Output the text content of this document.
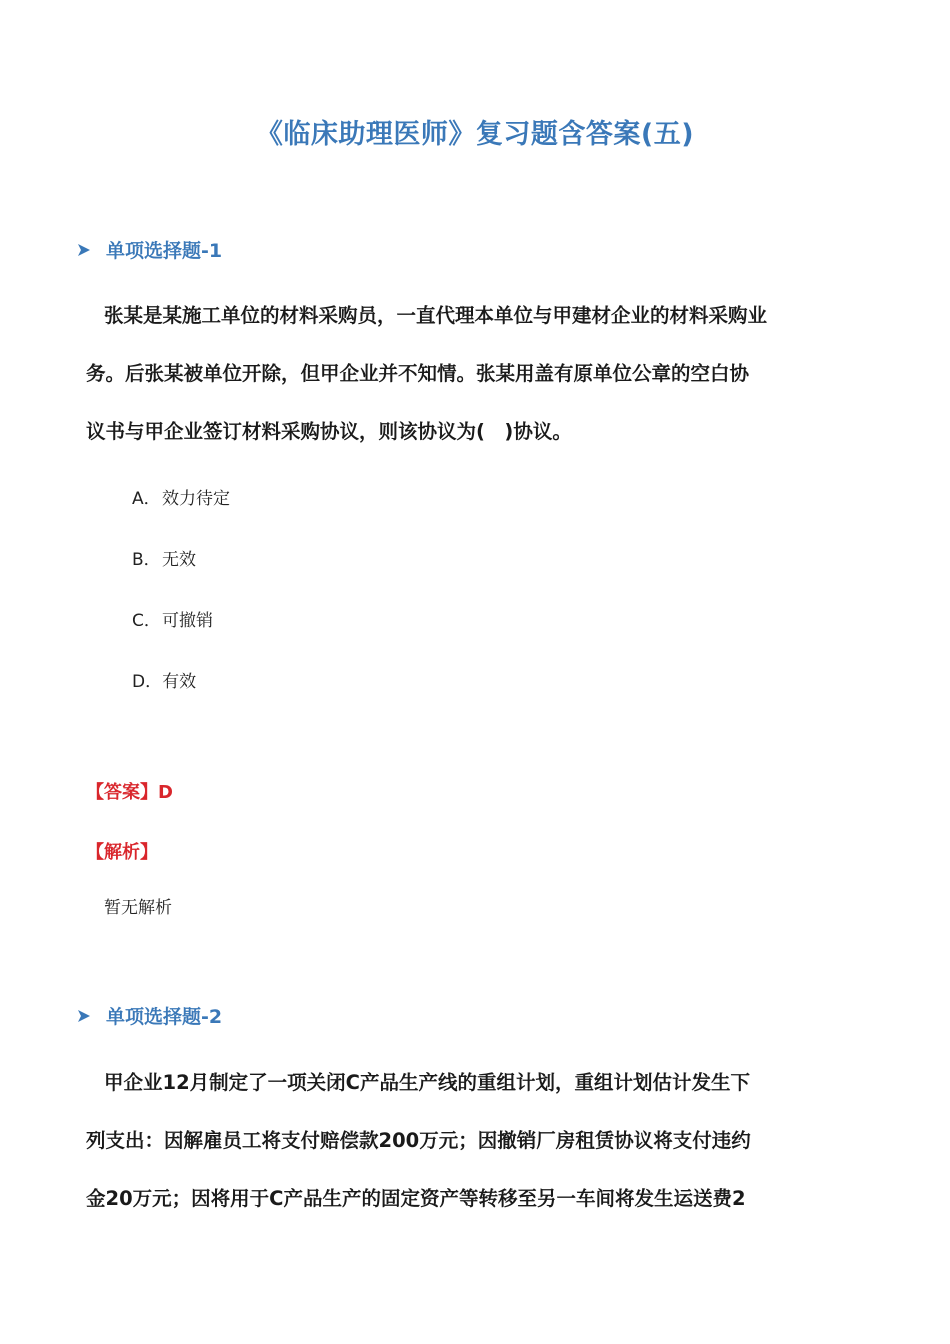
《临床助理医师》复习题含答案(五)
单项选择题-1
张某是某施工单位的材料采购员，一直代理本单位与甲建材企业的材料采购业
务。后张某被单位开除，但甲企业并不知情。张某用盖有原单位公章的空白协
议书与甲企业签订材料采购协议，则该协议为(　)协议。
A．效力待定
B．无效
C．可撤销
D．有效
【答案】D
【解析】
暂无解析
单项选择题-2
甲企业12月制定了一项关闭C产品生产线的重组计划，重组计划估计发生下
列支出：因解雇员工将支付赔偿款200万元；因撤销厂房租赁协议将支付违约
金20万元；因将用于C产品生产的固定资产等转移至另一车间将发生运送费2
